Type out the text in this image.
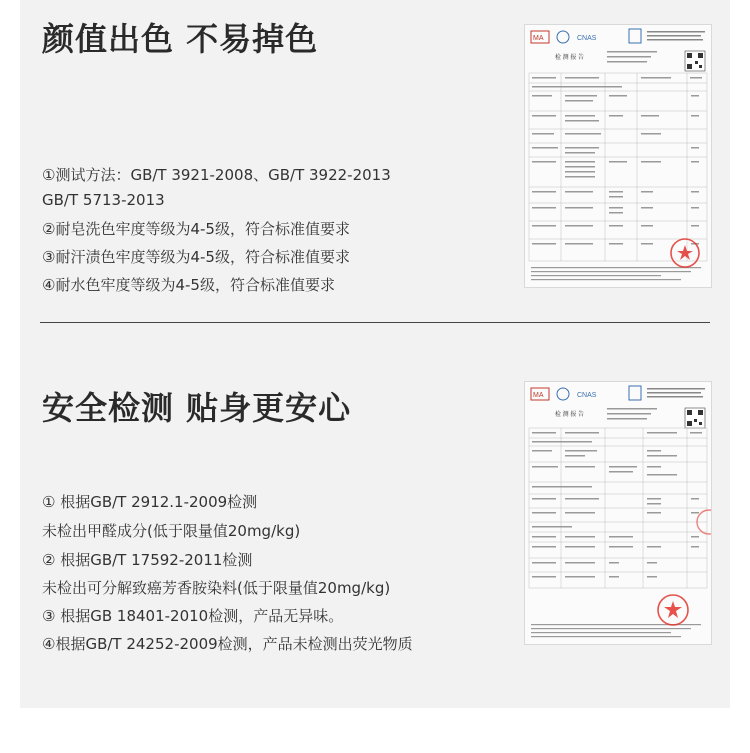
颜值出色 不易掉色
①测试方法：GB/T 3921-2008、GB/T 3922-2013
GB/T 5713-2013
②耐皂洗色牢度等级为4-5级，符合标准值要求
③耐汗渍色牢度等级为4-5级，符合标准值要求
④耐水色牢度等级为4-5级，符合标准值要求
MA	CNAS
检 测 报 告
安全检测 贴身更安心
① 根据GB/T 2912.1-2009检测
未检出甲醛成分(低于限量值20mg/kg)
② 根据GB/T 17592-2011检测
未检出可分解致癌芳香胺染料(低于限量值20mg/kg)
③ 根据GB 18401-2010检测，产品无异味。
④根据GB/T 24252-2009检测，产品未检测出荧光物质
MA	CNAS
检 测 报 告
